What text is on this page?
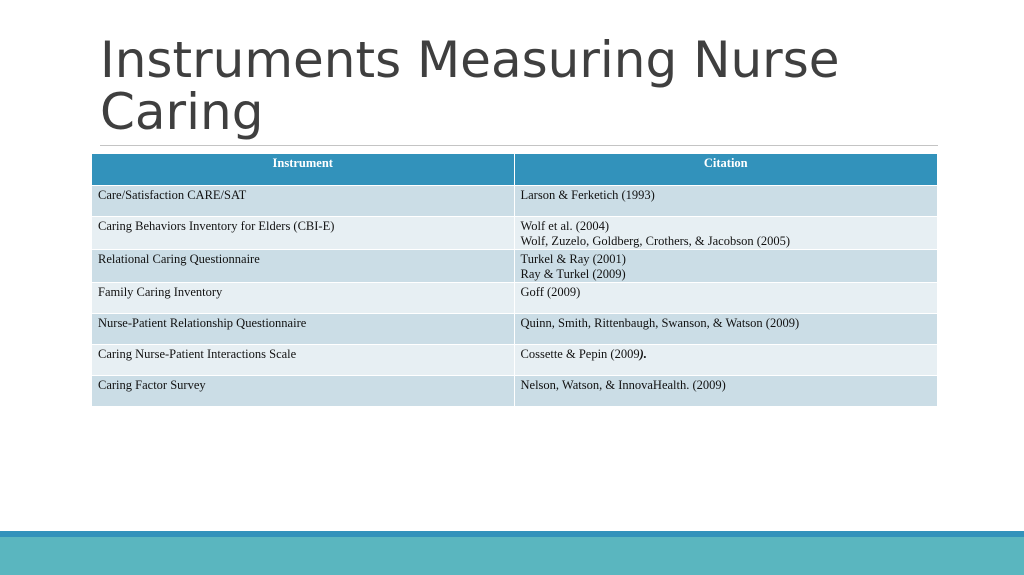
Instruments Measuring Nurse Caring
Instrument	Citation
Care/Satisfaction CARE/SAT	Larson & Ferketich (1993)

Caring Behaviors Inventory for Elders (CBI-E)	Wolf et al. (2004)
Wolf, Zuzelo, Goldberg, Crothers, & Jacobson (2005)

Relational Caring Questionnaire	Turkel & Ray (2001)
Ray & Turkel (2009)

Family Caring Inventory	Goff (2009)

Nurse-Patient Relationship Questionnaire	Quinn, Smith, Rittenbaugh, Swanson, & Watson (2009)

Caring Nurse-Patient Interactions Scale	Cossette & Pepin (2009).

Caring Factor Survey	Nelson, Watson, & InnovaHealth. (2009)
